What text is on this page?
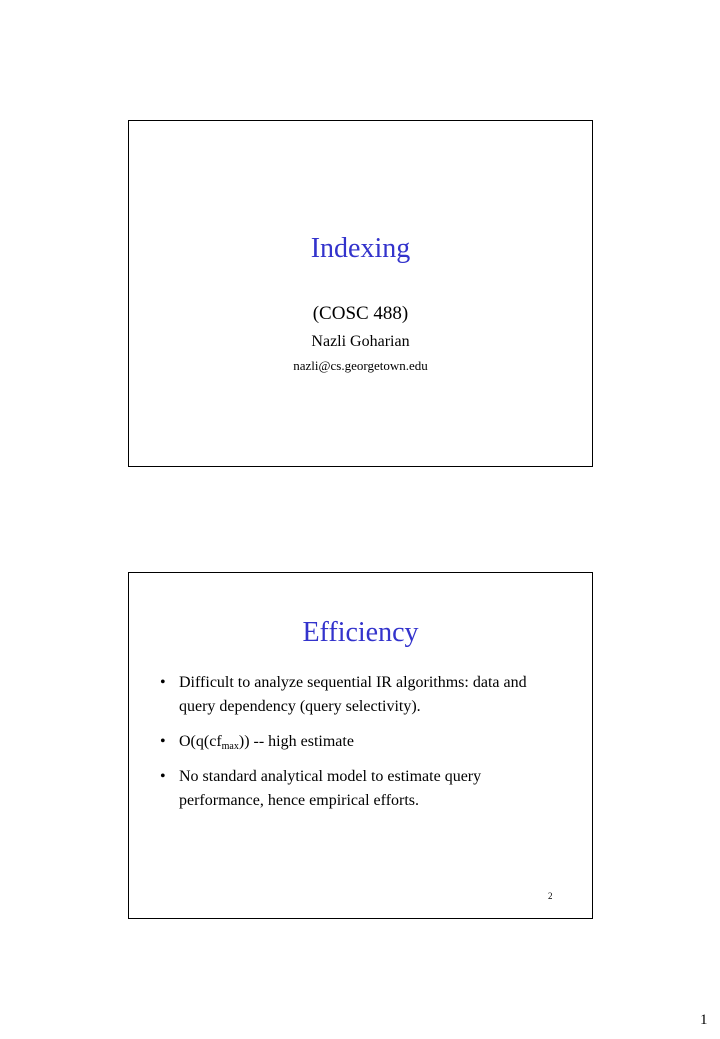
Indexing
(COSC 488)
Nazli Goharian
nazli@cs.georgetown.edu
Efficiency
• Difficult to analyze sequential IR algorithms: data and
query dependency (query selectivity).
• $O(q(cf_{max}))$ -- high estimate
• No standard analytical model to estimate query
performance, hence empirical efforts.
2
1
